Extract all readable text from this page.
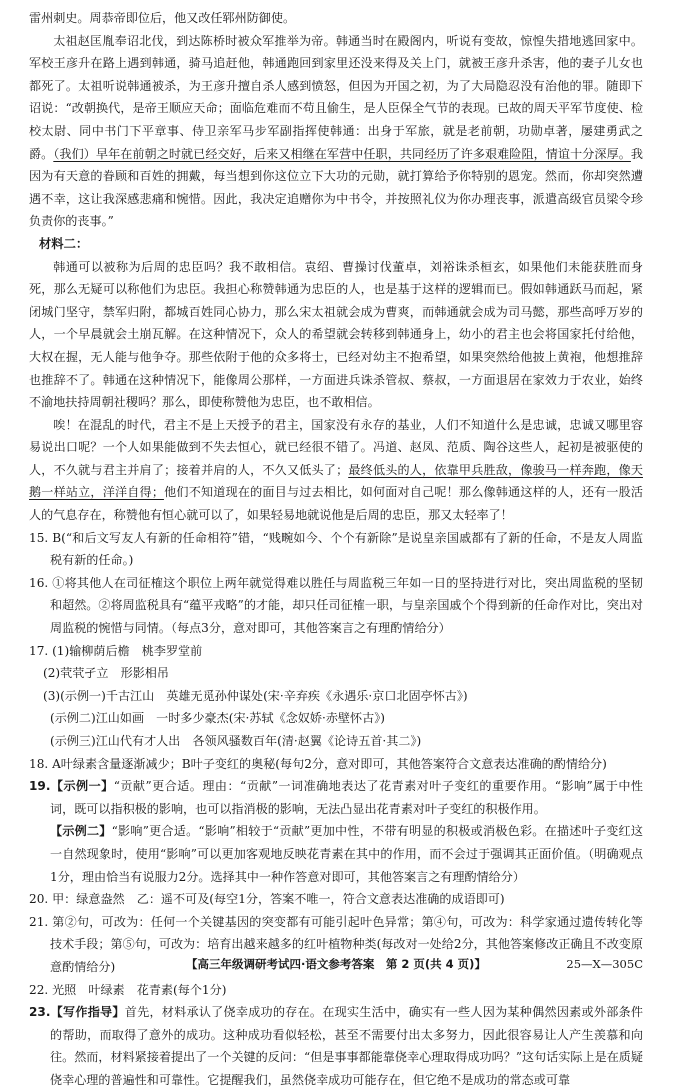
雷州刺史。周恭帝即位后，他又改任郓州防御使。

太祖赵匡胤奉诏北伐，到达陈桥时被众军推举为帝。韩通当时在殿阁内，听说有变故，惊惶失措地逃回家中。军校王彦升在路上遇到韩通，骑马追赶他，韩通跑回到家里还没来得及关上门，就被王彦升杀害，他的妻子儿女也都死了。太祖听说韩通被杀，为王彦升擅自杀人感到愤怒，但因为开国之初，为了大局隐忍没有治他的罪。随即下诏说：“改朝换代，是帝王顺应天命；面临危难而不苟且偷生，是人臣保全气节的表现。已故的周天平军节度使、检校太尉、同中书门下平章事、侍卫亲军马步军副指挥使韩通：出身于军旅，就是老前朝，功勋卓著，屡建勇武之爵。（我们）早年在前朝之时就已经交好，后来又相继在军营中任职，共同经历了许多艰难险阻，情谊十分深厚。我因为有天意的眷顾和百姓的拥戴，每当想到你这位立下大功的元勋，就打算给予你特别的恩宠。然而，你却突然遭遇不幸，这让我深感悲痛和惋惜。因此，我决定追赠你为中书令，并按照礼仪为你办理丧事，派遣高级官员梁令珍负责你的丧事。”

材料二：

韩通可以被称为后周的忠臣吗？我不敢相信。袁绍、曹操讨伐董卓，刘裕诛杀桓玄，如果他们未能获胜而身死，那么无疑可以称他们为忠臣。我担心称赞韩通为忠臣的人，也是基于这样的逻辑而已。假如韩通跃马而起，紧闭城门坚守，禁军归附，都城百姓同心协力，那么宋太祖就会成为曹爽，而韩通就会成为司马懿，那些高呼万岁的人，一个早晨就会土崩瓦解。在这种情况下，众人的希望就会转移到韩通身上，幼小的君主也会将国家托付给他，大权在握，无人能与他争夺。那些依附于他的众多将士，已经对幼主不抱希望，如果突然给他披上黄袍，他想推辞也推辞不了。韩通在这种情况下，能像周公那样，一方面进兵诛杀管叔、蔡叔，一方面退居在家效力于农业，始终不渝地扶持周朝社稷吗？那么，即使称赞他为忠臣，也不敢相信。

唉！在混乱的时代，君主不是上天授予的君主，国家没有永存的基业，人们不知道什么是忠诚，忠诚又哪里容易说出口呢？一个人如果能做到不失去恒心，就已经很不错了。冯道、赵凤、范质、陶谷这些人，起初是被驱使的人，不久就与君主并肩了；接着并肩的人，不久又低头了；最终低头的人，依靠甲兵胜敌，像骏马一样奔跑，像天鹅一样站立，洋洋自得；他们不知道现在的面目与过去相比，如何面对自己呢！那么像韩通这样的人，还有一股活人的气息存在，称赞他有恒心就可以了，如果轻易地就说他是后周的忠臣，那又太轻率了！

15. B(“和后文写友人有新的任命相符”错，“贱畹如今、个个有新除”是说皇亲国戚都有了新的任命，不是友人周监税有新的任命。)

16. ①将其他人在司征榷这个职位上两年就觉得难以胜任与周监税三年如一日的坚持进行对比，突出周监税的坚韧和超然。②将周监税具有“蕴平戎略”的才能，却只任司征榷一职，与皇亲国戚个个得到新的任命作对比，突出对周监税的惋惜与同情。（每点3分，意对即可，其他答案言之有理酌情给分）

17. (1)输柳荫后檐　桃李罗堂前

(2)茕茕孑立　形影相吊

(3)(示例一)千古江山　英雄无觅孙仲谋处(宋·辛弃疾《永遇乐·京口北固亭怀古》)

(示例二)江山如画　一时多少豪杰(宋·苏轼《念奴娇·赤壁怀古》)

(示例三)江山代有才人出　各领风骚数百年(清·赵翼《论诗五首·其二》)

18. A叶绿素含量逐渐减少；B叶子变红的奥秘(每句2分，意对即可，其他答案符合文意表达准确的酌情给分)

19.【示例一】“贡献”更合适。理由：“贡献”一词准确地表达了花青素对叶子变红的重要作用。“影响”属于中性词，既可以指积极的影响，也可以指消极的影响，无法凸显出花青素对叶子变红的积极作用。

【示例二】“影响”更合适。“影响”相较于“贡献”更加中性，不带有明显的积极或消极色彩。在描述叶子变红这一自然现象时，使用“影响”可以更加客观地反映花青素在其中的作用，而不会过于强调其正面价值。（明确观点1分，理由恰当有说服力2分。选择其中一种作答意对即可，其他答案言之有理酌情给分）

20. 甲：绿意盎然　乙：遥不可及(每空1分，答案不唯一，符合文意表达准确的成语即可)

21. 第②句，可改为：任何一个关键基因的突变都有可能引起叶色异常；第④句，可改为：科学家通过遗传转化等技术手段；第⑤句，可改为：培育出越来越多的红叶植物种类(每改对一处给2分，其他答案修改正确且不改变原意酌情给分)

22. 光照　叶绿素　花青素(每个1分)

23.【写作指导】首先，材料承认了侥幸成功的存在。在现实生活中，确实有一些人因为某种偶然因素或外部条件的帮助，而取得了意外的成功。这种成功看似轻松，甚至不需要付出太多努力，因此很容易让人产生羡慕和向往。然而，材料紧接着提出了一个关键的反问：“但是事事都能靠侥幸心理取得成功吗？”这句话实际上是在质疑侥幸心理的普遍性和可靠性。它提醒我们，虽然侥幸成功可能存在，但它绝不是成功的常态或可靠

【高三年级调研考试四·语文参考答案　第 2 页(共 4 页)】	25—X—305C
